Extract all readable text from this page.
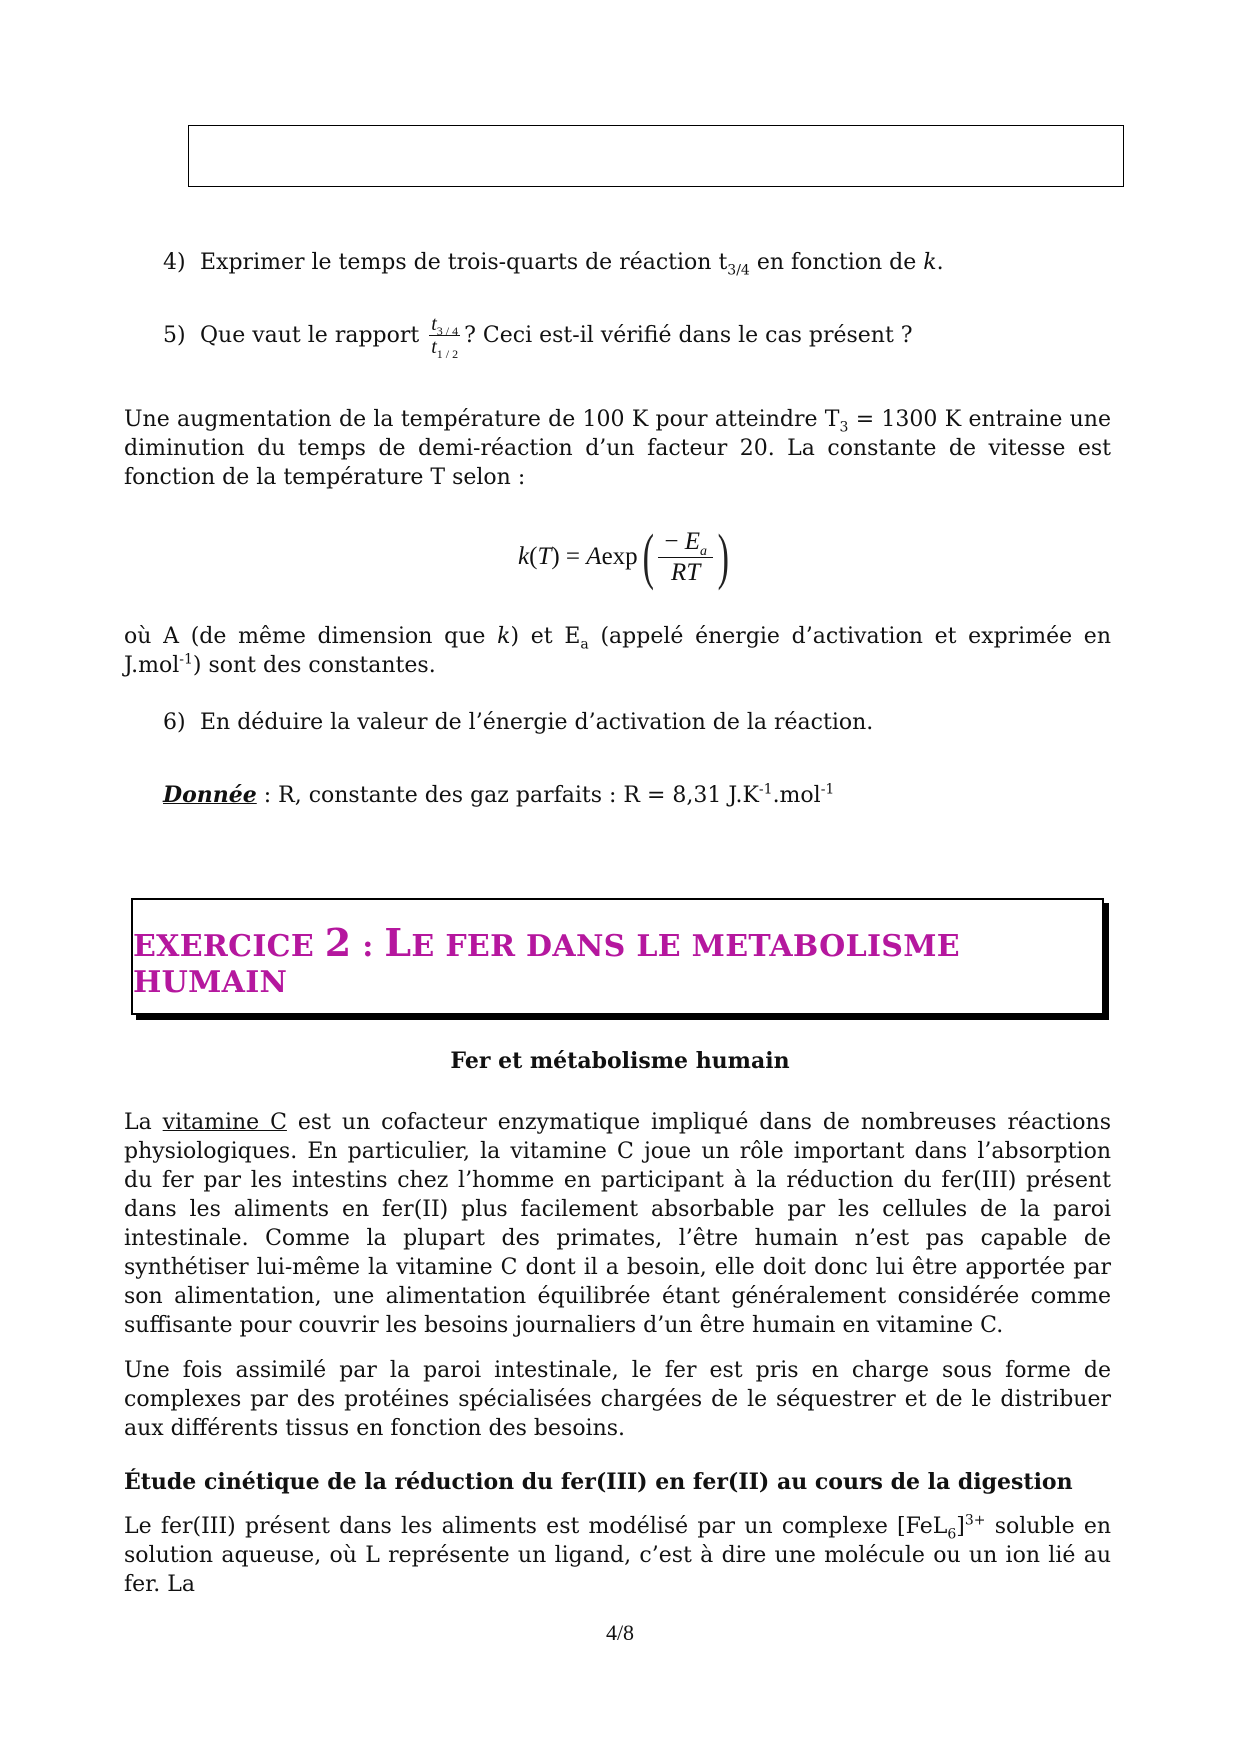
4) Exprimer le temps de trois-quarts de réaction $t_{3/4}$ en fonction de k.
5) Que vaut le rapport $\frac{t_{3 / 4}}{t_{1 / 2}}$ ? Ceci est-il vérifié dans le cas présent ?
Une augmentation de la température de 100 K pour atteindre $T_3 = 1300$ K entraine une diminution du temps de demi-réaction d’un facteur 20. La constante de vitesse est fonction de la température T selon :
k ( T ) = A exp ( − $E_a$
RT )
où A (de même dimension que k) et $E_a$ (appelé énergie d’activation et exprimée en J.mol$^{-1}$) sont des constantes.
6) En déduire la valeur de l’énergie d’activation de la réaction.
Donnée : R, constante des gaz parfaits : R = 8,31 $J.K^{-1}.mol^{-1}$
EXERCICE 2 : LE FER DANS LE METABOLISME HUMAIN
Fer et métabolisme humain
La vitamine C est un cofacteur enzymatique impliqué dans de nombreuses réactions physiologiques. En particulier, la vitamine C joue un rôle important dans l’absorption du fer par les intestins chez l’homme en participant à la réduction du fer(III) présent dans les aliments en fer(II) plus facilement absorbable par les cellules de la paroi intestinale. Comme la plupart des primates, l’être humain n’est pas capable de synthétiser lui-même la vitamine C dont il a besoin, elle doit donc lui être apportée par son alimentation, une alimentation équilibrée étant généralement considérée comme suffisante pour couvrir les besoins journaliers d’un être humain en vitamine C.
Une fois assimilé par la paroi intestinale, le fer est pris en charge sous forme de complexes par des protéines spécialisées chargées de le séquestrer et de le distribuer aux différents tissus en fonction des besoins.
Étude cinétique de la réduction du fer(III) en fer(II) au cours de la digestion
Le fer(III) présent dans les aliments est modélisé par un complexe $[FeL_6]^{3+}$ soluble en solution aqueuse, où L représente un ligand, c’est à dire une molécule ou un ion lié au fer. La
4/8
